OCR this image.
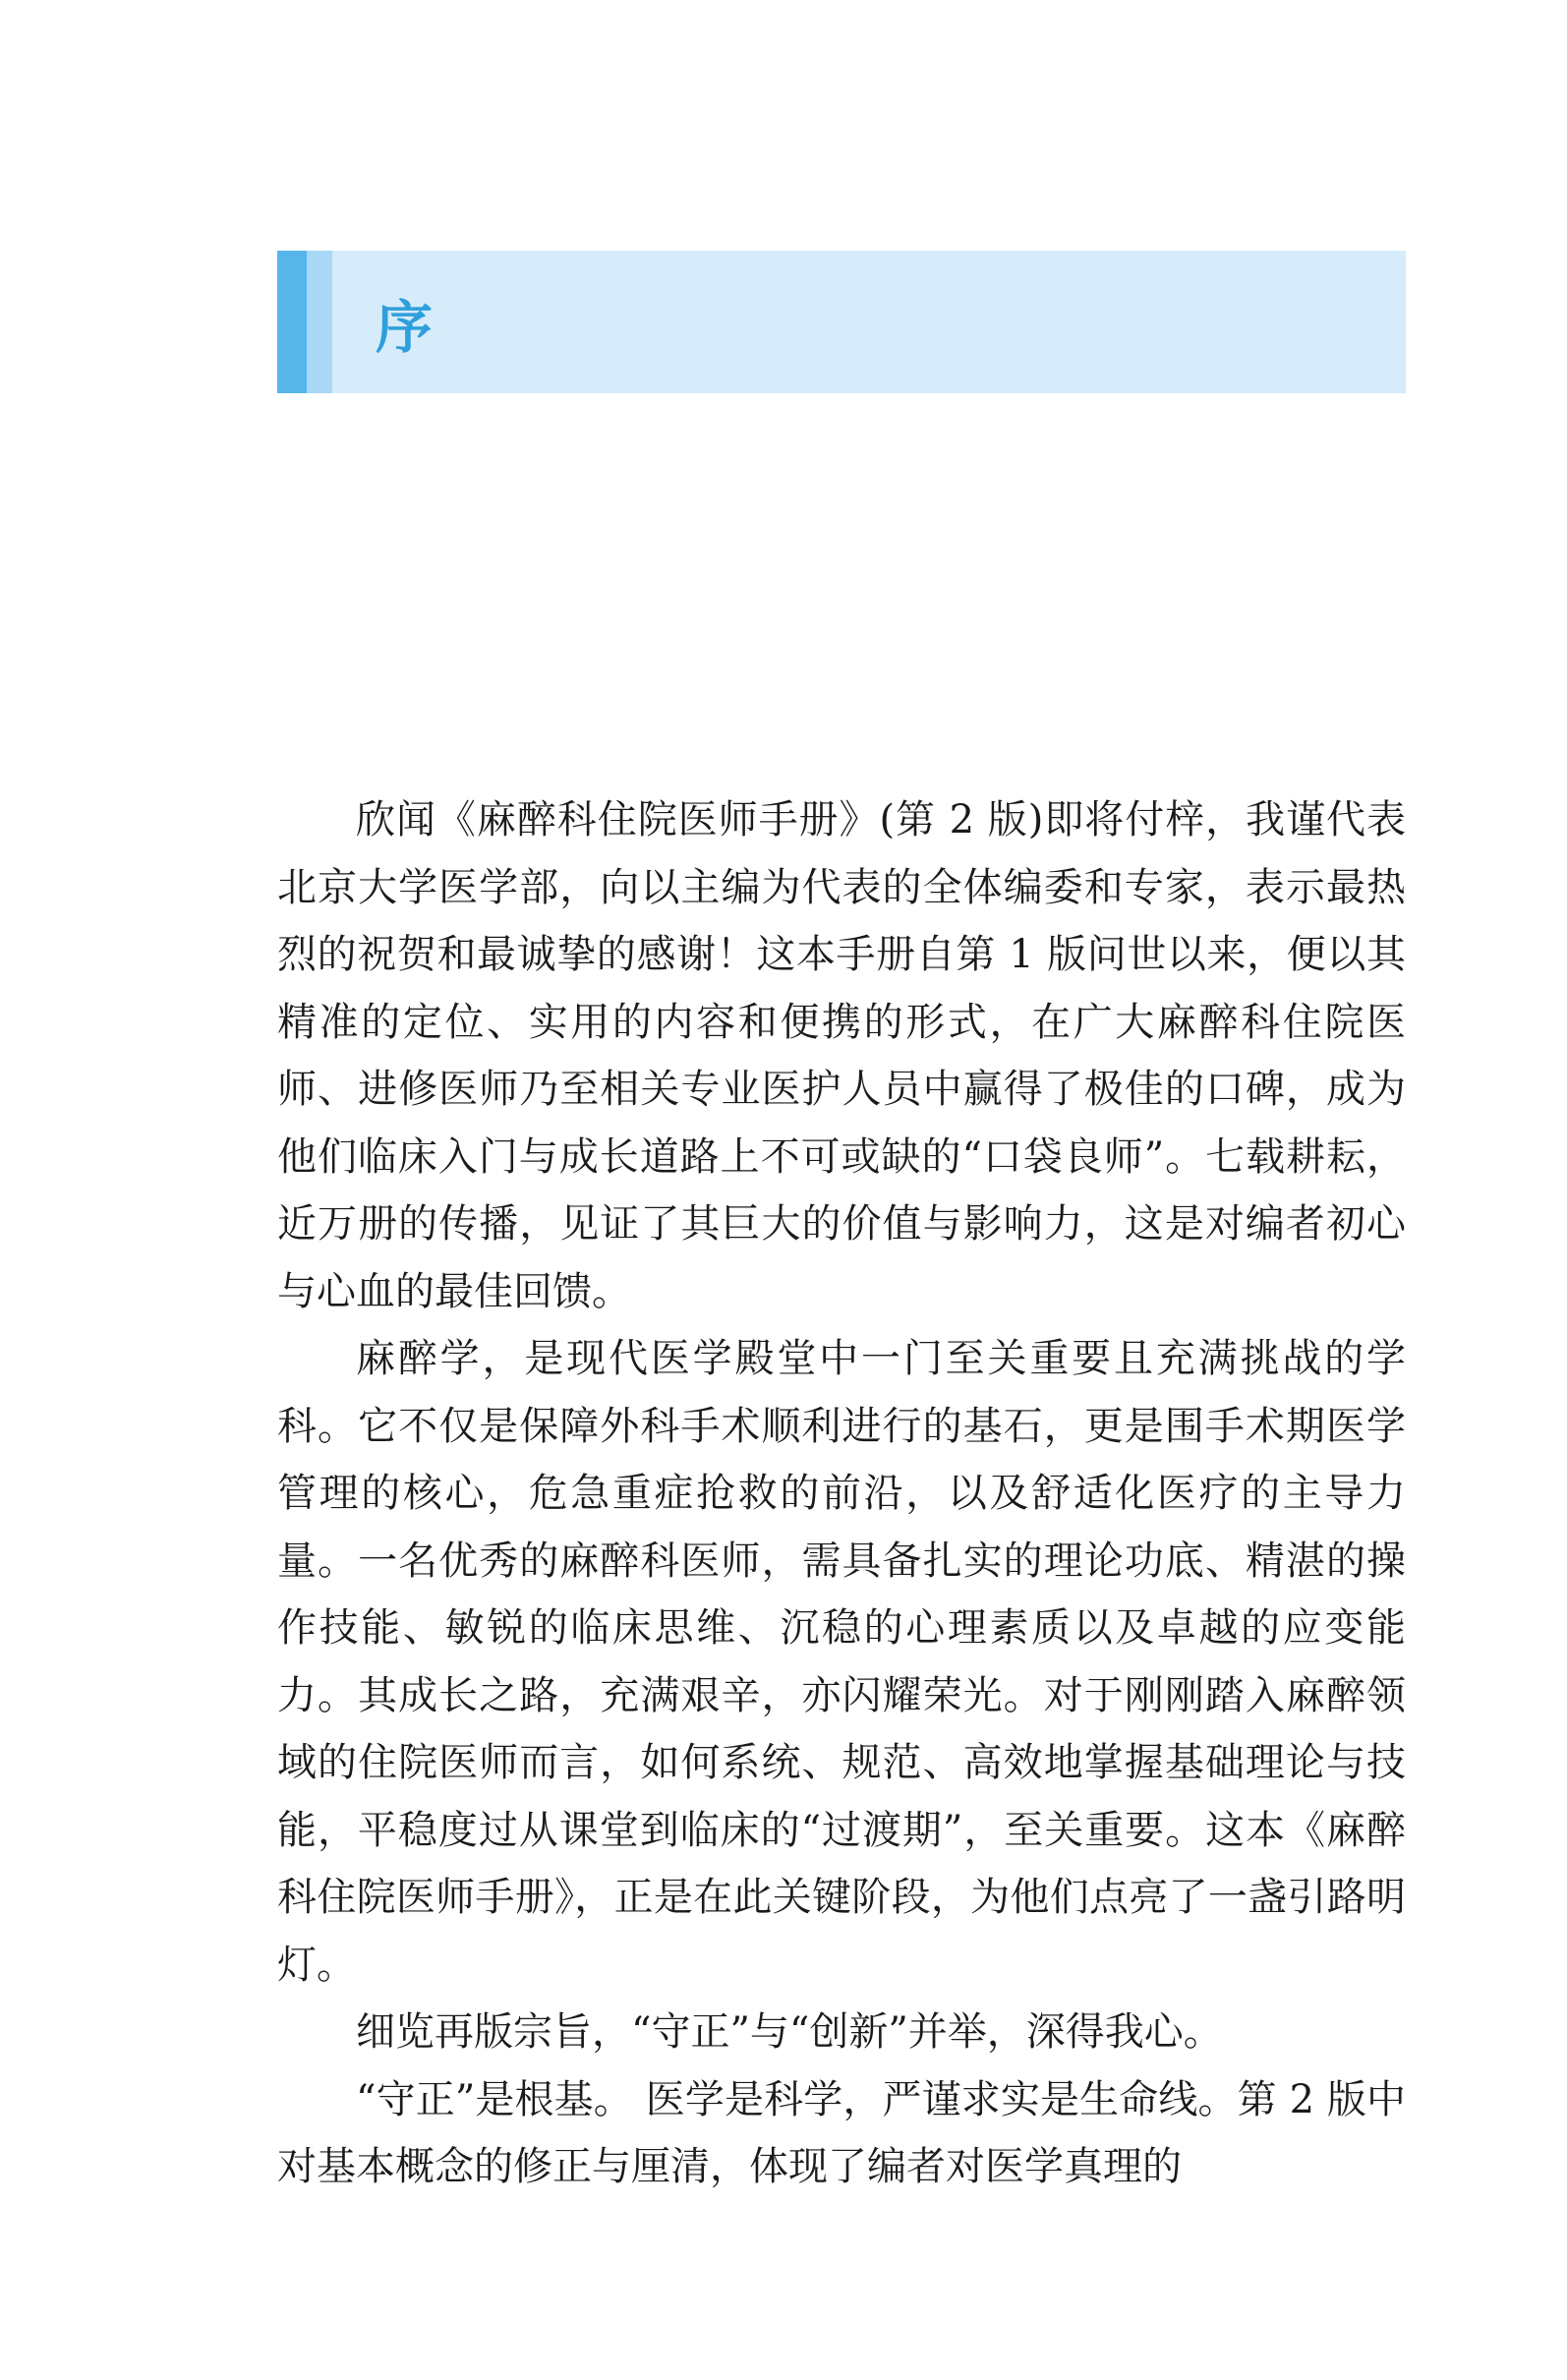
序

欣闻《麻醉科住院医师手册》(第 2 版)即将付梓，我谨代表北京大学医学部，向以主编为代表的全体编委和专家，表示最热烈的祝贺和最诚挚的感谢！这本手册自第 1 版问世以来，便以其精准的定位、实用的内容和便携的形式，在广大麻醉科住院医师、进修医师乃至相关专业医护人员中赢得了极佳的口碑，成为他们临床入门与成长道路上不可或缺的“口袋良师”。七载耕耘，近万册的传播，见证了其巨大的价值与影响力，这是对编者初心与心血的最佳回馈。

麻醉学，是现代医学殿堂中一门至关重要且充满挑战的学科。它不仅是保障外科手术顺利进行的基石，更是围手术期医学管理的核心，危急重症抢救的前沿，以及舒适化医疗的主导力量。一名优秀的麻醉科医师，需具备扎实的理论功底、精湛的操作技能、敏锐的临床思维、沉稳的心理素质以及卓越的应变能力。其成长之路，充满艰辛，亦闪耀荣光。对于刚刚踏入麻醉领域的住院医师而言，如何系统、规范、高效地掌握基础理论与技能，平稳度过从课堂到临床的“过渡期”，至关重要。这本《麻醉科住院医师手册》，正是在此关键阶段，为他们点亮了一盏引路明灯。

细览再版宗旨，“守正”与“创新”并举，深得我心。

“守正”是根基。 医学是科学，严谨求实是生命线。第 2 版中对基本概念的修正与厘清，体现了编者对医学真理的
